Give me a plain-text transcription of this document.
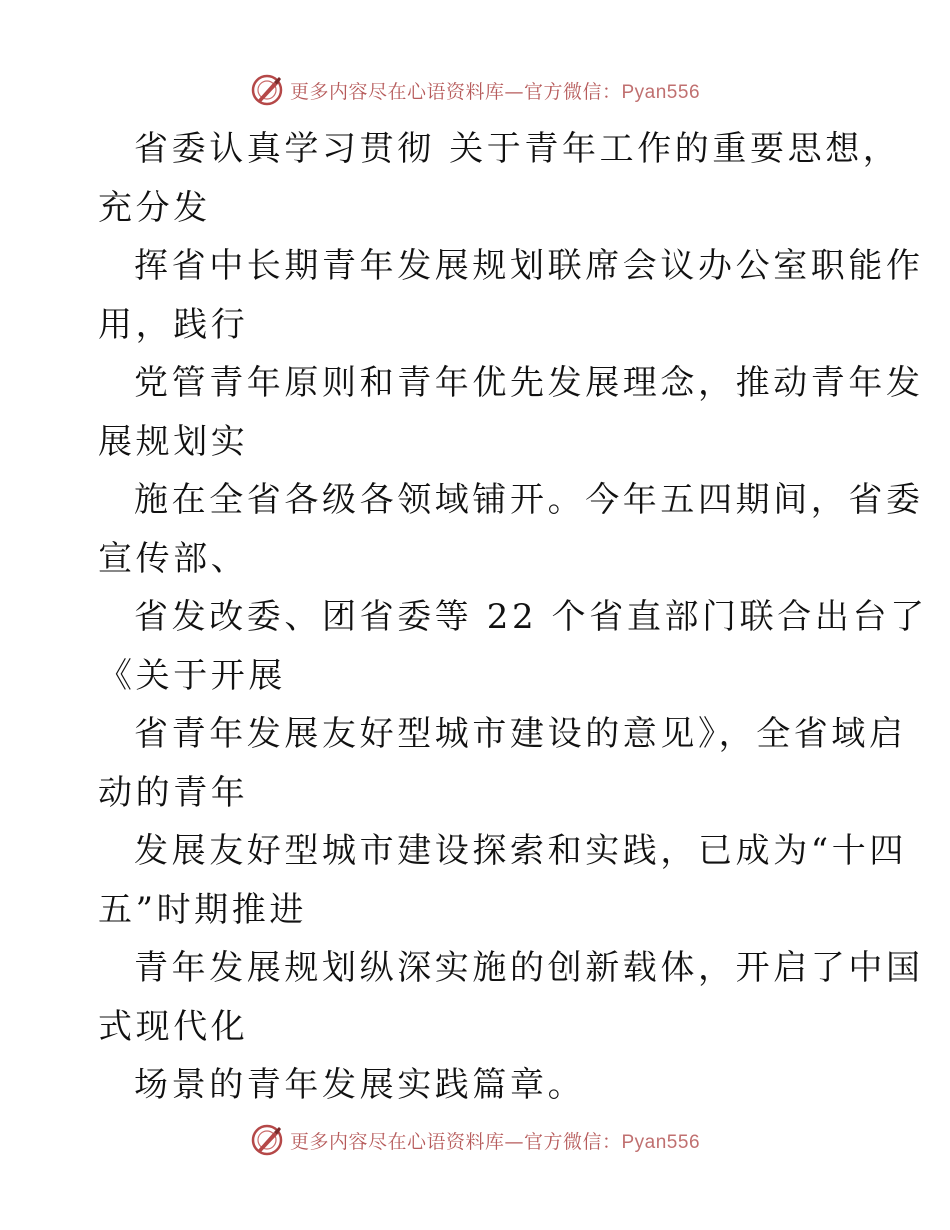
更多内容尽在心语资料库—官方微信：Pyan556
省委认真学习贯彻 关于青年工作的重要思想，
充分发
挥省中长期青年发展规划联席会议办公室职能作
用，践行
党管青年原则和青年优先发展理念，推动青年发
展规划实
施在全省各级各领域铺开。今年五四期间，省委
宣传部、
省发改委、团省委等 22 个省直部门联合出台了
《关于开展
省青年发展友好型城市建设的意见》，全省域启
动的青年
发展友好型城市建设探索和实践，已成为“十四
五”时期推进
青年发展规划纵深实施的创新载体，开启了中国
式现代化
场景的青年发展实践篇章。
更多内容尽在心语资料库—官方微信：Pyan556
